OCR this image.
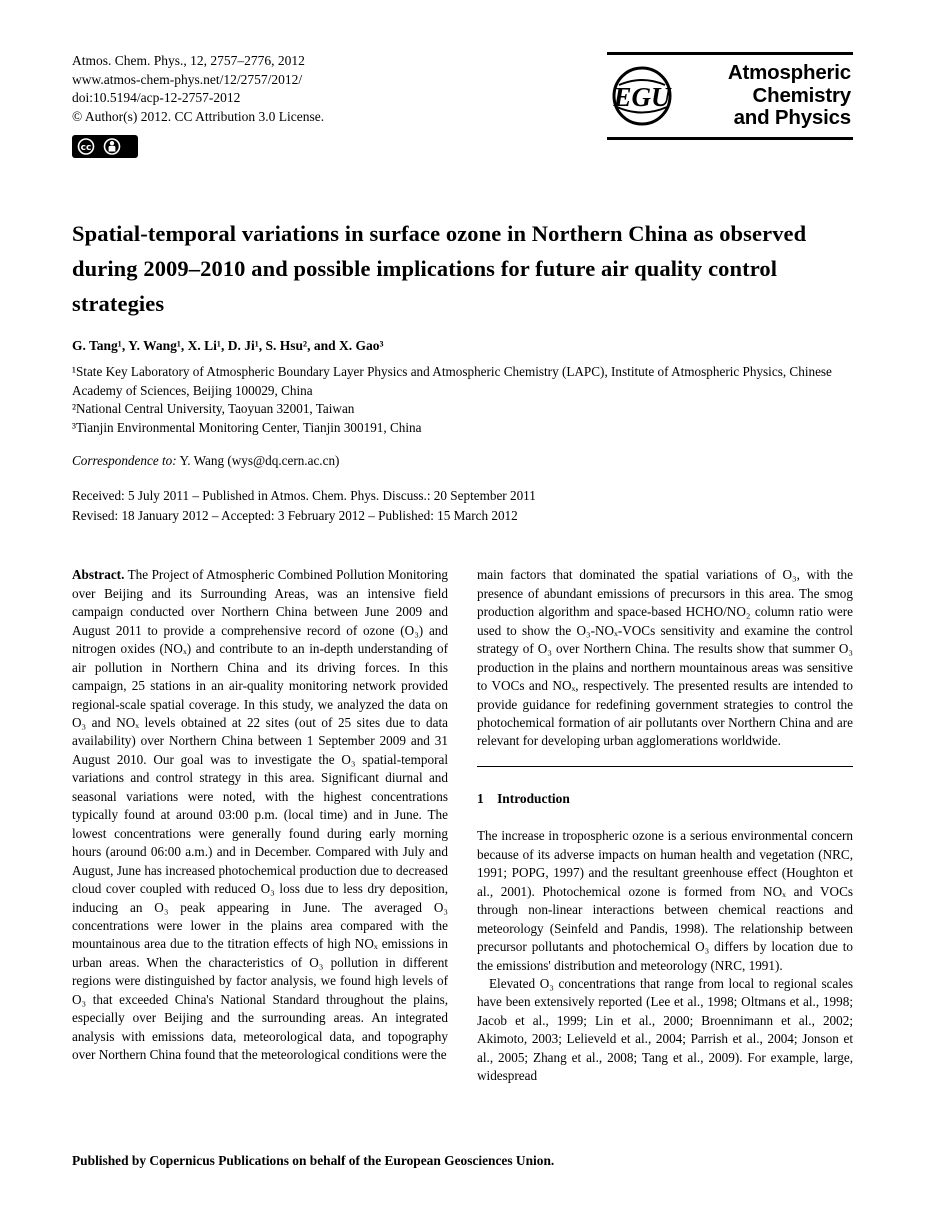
Atmos. Chem. Phys., 12, 2757–2776, 2012
www.atmos-chem-phys.net/12/2757/2012/
doi:10.5194/acp-12-2757-2012
© Author(s) 2012. CC Attribution 3.0 License.
cc
EGU
Atmospheric
Chemistry
and Physics
Spatial-temporal variations in surface ozone in Northern China as observed during 2009–2010 and possible implications for future air quality control strategies
G. Tang¹, Y. Wang¹, X. Li¹, D. Ji¹, S. Hsu², and X. Gao³
¹State Key Laboratory of Atmospheric Boundary Layer Physics and Atmospheric Chemistry (LAPC), Institute of Atmospheric Physics, Chinese Academy of Sciences, Beijing 100029, China
²National Central University, Taoyuan 32001, Taiwan
³Tianjin Environmental Monitoring Center, Tianjin 300191, China

Correspondence to: Y. Wang (wys@dq.cern.ac.cn)

Received: 5 July 2011 – Published in Atmos. Chem. Phys. Discuss.: 20 September 2011
Revised: 18 January 2012 – Accepted: 3 February 2012 – Published: 15 March 2012

Abstract. The Project of Atmospheric Combined Pollution Monitoring over Beijing and its Surrounding Areas, was an intensive field campaign conducted over Northern China between June 2009 and August 2011 to provide a comprehensive record of ozone (O₃) and nitrogen oxides (NOₓ) and contribute to an in-depth understanding of air pollution in Northern China and its driving forces. In this campaign, 25 stations in an air-quality monitoring network provided regional-scale spatial coverage. In this study, we analyzed the data on O₃ and NOₓ levels obtained at 22 sites (out of 25 sites due to data availability) over Northern China between 1 September 2009 and 31 August 2010. Our goal was to investigate the O₃ spatial-temporal variations and control strategy in this area. Significant diurnal and seasonal variations were noted, with the highest concentrations typically found at around 03:00 p.m. (local time) and in June. The lowest concentrations were generally found during early morning hours (around 06:00 a.m.) and in December. Compared with July and August, June has increased photochemical production due to decreased cloud cover coupled with reduced O₃ loss due to less dry deposition, inducing an O₃ peak appearing in June. The averaged O₃ concentrations were lower in the plains area compared with the mountainous area due to the titration effects of high NOₓ emissions in urban areas. When the characteristics of O₃ pollution in different regions were distinguished by factor analysis, we found high levels of O₃ that exceeded China's National Standard throughout the plains, especially over Beijing and the surrounding areas. An integrated analysis with emissions data, meteorological data, and topography over Northern China found that the meteorological conditions were the

main factors that dominated the spatial variations of O₃, with the presence of abundant emissions of precursors in this area. The smog production algorithm and space-based HCHO/NO₂ column ratio were used to show the O₃-NOₓ-VOCs sensitivity and examine the control strategy of O₃ over Northern China. The results show that summer O₃ production in the plains and northern mountainous areas was sensitive to VOCs and NOₓ, respectively. The presented results are intended to provide guidance for redefining government strategies to control the photochemical formation of air pollutants over Northern China and are relevant for developing urban agglomerations worldwide.

1 Introduction

The increase in tropospheric ozone is a serious environmental concern because of its adverse impacts on human health and vegetation (NRC, 1991; POPG, 1997) and the resultant greenhouse effect (Houghton et al., 2001). Photochemical ozone is formed from NOₓ and VOCs through non-linear interactions between chemical reactions and meteorology (Seinfeld and Pandis, 1998). The relationship between precursor pollutants and photochemical O₃ differs by location due to the emissions' distribution and meteorology (NRC, 1991).

Elevated O₃ concentrations that range from local to regional scales have been extensively reported (Lee et al., 1998; Oltmans et al., 1998; Jacob et al., 1999; Lin et al., 2000; Broennimann et al., 2002; Akimoto, 2003; Lelieveld et al., 2004; Parrish et al., 2004; Jonson et al., 2005; Zhang et al., 2008; Tang et al., 2009). For example, large, widespread

Published by Copernicus Publications on behalf of the European Geosciences Union.
